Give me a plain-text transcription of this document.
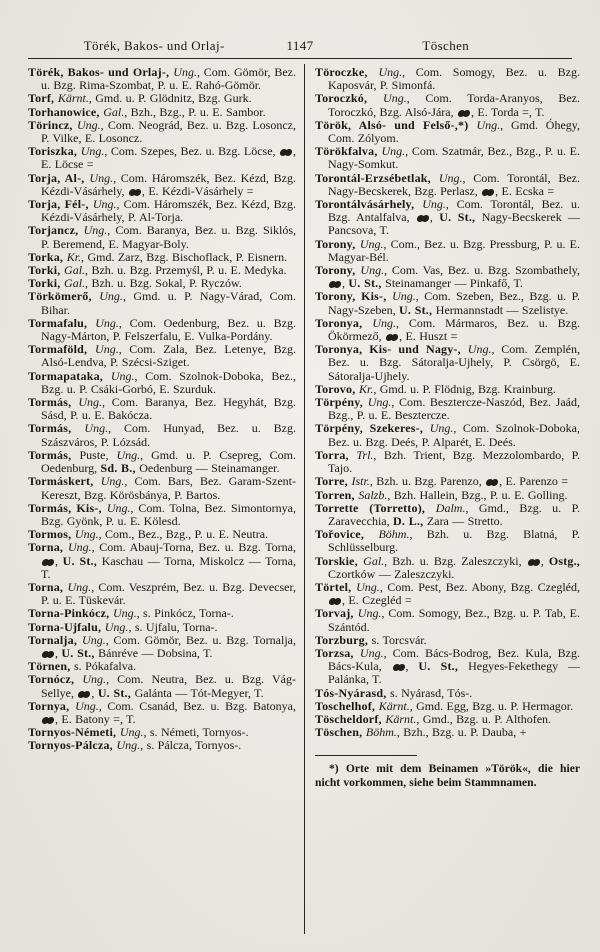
Törék, Bakos- und Orlaj-	1147	Töschen

Törék, Bakos- und Orlaj-, Ung., Com. Gömör, Bez. u. Bzg. Rima-Szombat, P. u. E. Rahó-Gömör.

Torf, Kärnt., Gmd. u. P. Glödnitz, Bzg. Gurk.

Torhanowice, Gal., Bzh., Bzg., P. u. E. Sambor.

Törincz, Ung., Com. Neográd, Bez. u. Bzg. Losoncz, P. Vilke, E. Losoncz.

Toriszka, Ung., Com. Szepes, Bez. u. Bzg. Löcse, , E. Löcse =

Torja, Al-, Ung., Com. Háromszék, Bez. Kézd, Bzg. Kézdi-Vásárhely, , E. Kézdi-Vásárhely =

Torja, Fél-, Ung., Com. Háromszék, Bez. Kézd, Bzg. Kézdi-Vásárhely, P. Al-Torja.

Torjancz, Ung., Com. Baranya, Bez. u. Bzg. Siklós, P. Beremend, E. Magyar-Boly.

Torka, Kr., Gmd. Zarz, Bzg. Bischoflack, P. Eisnern.

Torki, Gal., Bzh. u. Bzg. Przemyśl, P. u. E. Medyka.

Torki, Gal., Bzh. u. Bzg. Sokal, P. Ryczów.

Törkömerő, Ung., Gmd. u. P. Nagy-Várad, Com. Bihar.

Tormafalu, Ung., Com. Oedenburg, Bez. u. Bzg. Nagy-Márton, P. Felszerfalu, E. Vulka-Pordány.

Tormaföld, Ung., Com. Zala, Bez. Letenye, Bzg. Alsó-Lendva, P. Szécsi-Sziget.

Tormapataka, Ung., Com. Szolnok-Doboka, Bez., Bzg. u. P. Csáki-Gorbó, E. Szurduk.

Tormás, Ung., Com. Baranya, Bez. Hegyhát, Bzg. Sásd, P. u. E. Bakócza.

Tormás, Ung., Com. Hunyad, Bez. u. Bzg. Szászváros, P. Lózsád.

Tormás, Puste, Ung., Gmd. u. P. Csepreg, Com. Oedenburg, Sd. B., Oedenburg — Steinamanger.

Tormáskert, Ung., Com. Bars, Bez. Garam-Szent-Kereszt, Bzg. Körösbánya, P. Bartos.

Tormás, Kis-, Ung., Com. Tolna, Bez. Simontornya, Bzg. Gyönk, P. u. E. Kölesd.

Tormos, Ung., Com., Bez., Bzg., P. u. E. Neutra.

Torna, Ung., Com. Abauj-Torna, Bez. u. Bzg. Torna, , U. St., Kaschau — Torna, Miskolcz — Torna, T.

Torna, Ung., Com. Veszprém, Bez. u. Bzg. Devecser, P. u. E. Tüskevár.

Torna-Pinkócz, Ung., s. Pinkócz, Torna-.

Torna-Ujfalu, Ung., s. Ujfalu, Torna-.

Tornalja, Ung., Com. Gömör, Bez. u. Bzg. Tornalja, , U. St., Bánréve — Dobsina, T.

Törnen, s. Pókafalva.

Tornócz, Ung., Com. Neutra, Bez. u. Bzg. Vág-Sellye, , U. St., Galánta — Tót-Megyer, T.

Tornya, Ung., Com. Csanád, Bez. u. Bzg. Batonya, , E. Batony =, T.

Tornyos-Németi, Ung., s. Németi, Tornyos-.

Tornyos-Pálcza, Ung., s. Pálcza, Tornyos-.

Töroczke, Ung., Com. Somogy, Bez. u. Bzg. Kaposvár, P. Simonfá.

Toroczkó, Ung., Com. Torda-Aranyos, Bez. Toroczkó, Bzg. Alsó-Jára, , E. Torda =, T.

Török, Alsó- und Felső-,*) Ung., Gmd. Óhegy, Com. Zólyom.

Törökfalva, Ung., Com. Szatmár, Bez., Bzg., P. u. E. Nagy-Somkut.

Torontál-Erzsébetlak, Ung., Com. Torontál, Bez. Nagy-Becskerek, Bzg. Perlasz, , E. Ecska =

Torontálvásárhely, Ung., Com. Torontál, Bez. u. Bzg. Antalfalva, , U. St., Nagy-Becskerek — Pancsova, T.

Torony, Ung., Com., Bez. u. Bzg. Pressburg, P. u. E. Magyar-Bél.

Torony, Ung., Com. Vas, Bez. u. Bzg. Szombathely, , U. St., Steinamanger — Pinkafő, T.

Torony, Kis-, Ung., Com. Szeben, Bez., Bzg. u. P. Nagy-Szeben, U. St., Hermannstadt — Szelistye.

Toronya, Ung., Com. Mármaros, Bez. u. Bzg. Ökörmező, , E. Huszt =

Toronya, Kis- und Nagy-, Ung., Com. Zemplén, Bez. u. Bzg. Sátoralja-Ujhely, P. Csörgö, E. Sátoralja-Ujhely.

Torovo, Kr., Gmd. u. P. Flödnig, Bzg. Krainburg.

Törpény, Ung., Com. Besztercze-Naszód, Bez. Jaád, Bzg., P. u. E. Besztercze.

Törpény, Szekeres-, Ung., Com. Szolnok-Doboka, Bez. u. Bzg. Deés, P. Alparét, E. Deés.

Torra, Trl., Bzh. Trient, Bzg. Mezzolombardo, P. Tajo.

Torre, Istr., Bzh. u. Bzg. Parenzo, , E. Parenzo =

Torren, Salzb., Bzh. Hallein, Bzg., P. u. E. Golling.

Torrette (Torretto), Dalm., Gmd., Bzg. u. P. Zaravecchia, D. L., Zara — Stretto.

Tořovice, Böhm., Bzh. u. Bzg. Blatná, P. Schlüsselburg.

Torskie, Gal., Bzh. u. Bzg. Zaleszczyki, , Ostg., Czortków — Zaleszczyki.

Törtel, Ung., Com. Pest, Bez. Abony, Bzg. Czegléd, , E. Czegléd =

Torvaj, Ung., Com. Somogy, Bez., Bzg. u. P. Tab, E. Szántód.

Torzburg, s. Torcsvár.

Torzsa, Ung., Com. Bács-Bodrog, Bez. Kula, Bzg. Bács-Kula, , U. St., Hegyes-Fekethegy — Palánka, T.

Tós-Nyárasd, s. Nyárasd, Tós-.

Toschelhof, Kärnt., Gmd. Egg, Bzg. u. P. Hermagor.

Töscheldorf, Kärnt., Gmd., Bzg. u. P. Althofen.

Töschen, Böhm., Bzh., Bzg. u. P. Dauba, +

*) Orte mit dem Beinamen »Török«, die hier nicht vorkommen, siehe beim Stammnamen.
